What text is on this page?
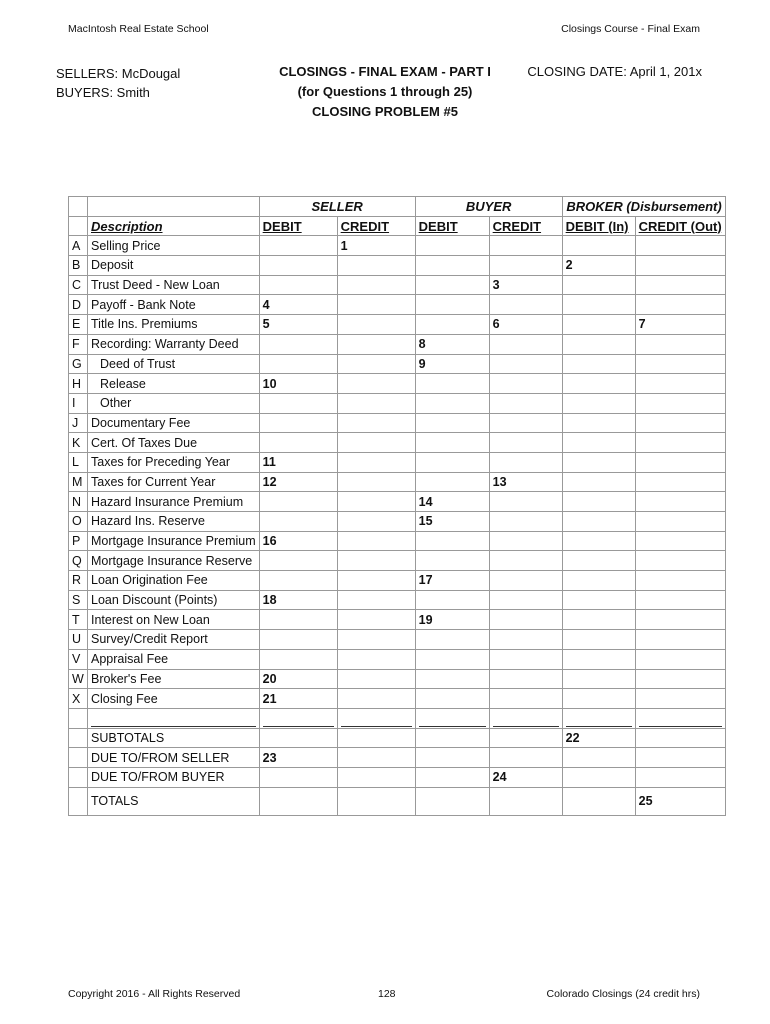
MacIntosh Real Estate School	Closings Course - Final Exam
SELLERS: McDougal
BUYERS: Smith
CLOSINGS - FINAL EXAM - PART I
(for Questions 1 through 25)
CLOSING PROBLEM #5
CLOSING DATE: April 1, 201x
		SELLER		BUYER		BROKER (Disbursement)	
	Description	DEBIT	CREDIT	DEBIT	CREDIT	DEBIT (In)	CREDIT (Out)
A	Selling Price		1				
B	Deposit					2	
C	Trust Deed - New Loan				3		
D	Payoff - Bank Note	4					
E	Title Ins. Premiums	5			6		7
F	Recording: Warranty Deed			8			
G	Deed of Trust			9			
H	Release	10					
I	Other						
J	Documentary Fee						
K	Cert. Of Taxes Due						
L	Taxes for Preceding Year	11					
M	Taxes for Current Year	12			13		
N	Hazard Insurance Premium			14			
O	Hazard Ins. Reserve			15			
P	Mortgage Insurance Premium	16					
Q	Mortgage Insurance Reserve						
R	Loan Origination Fee			17			
S	Loan Discount (Points)	18					
T	Interest on New Loan			19			
U	Survey/Credit Report						
V	Appraisal Fee						
W	Broker's Fee	20					
X	Closing Fee	21					

	SUBTOTALS					22	
	DUE TO/FROM SELLER	23					
	DUE TO/FROM BUYER				24		
	TOTALS						25
Copyright 2016 - All Rights Reserved	128	Colorado Closings (24 credit hrs)
